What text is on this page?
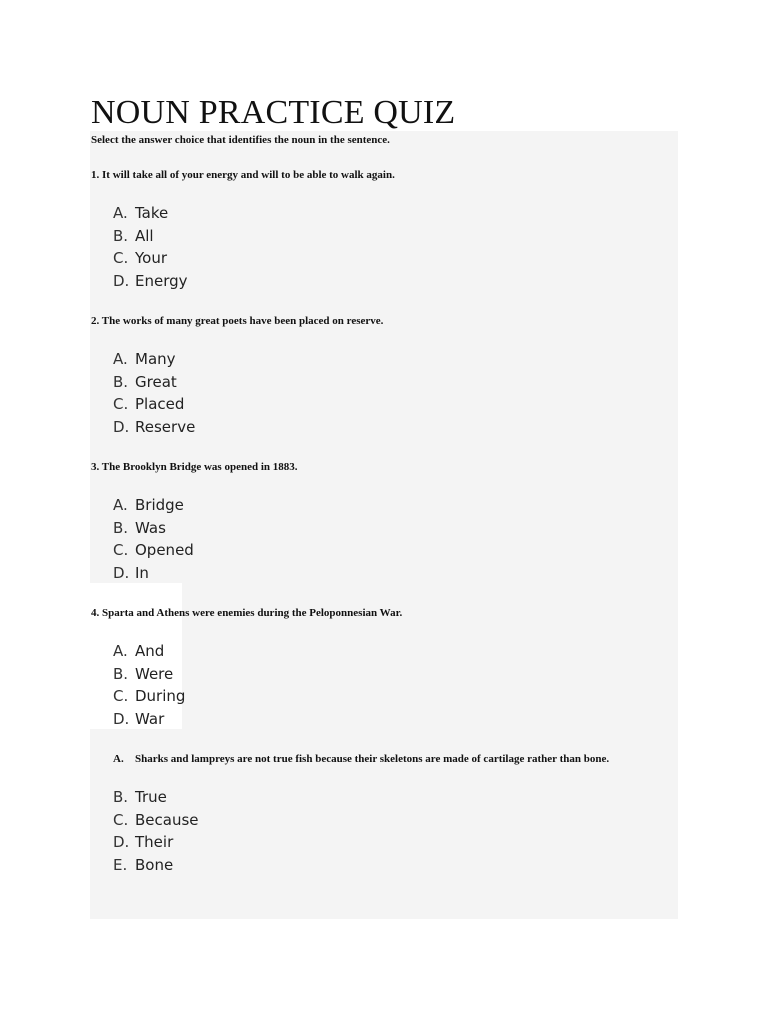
NOUN PRACTICE QUIZ

Select the answer choice that identifies the noun in the sentence.

1. It will take all of your energy and will to be able to walk again.

A. Take
B. All
C. Your
D. Energy

2. The works of many great poets have been placed on reserve.

A. Many
B. Great
C. Placed
D. Reserve

3. The Brooklyn Bridge was opened in 1883.

A. Bridge
B. Was
C. Opened
D. In

4. Sparta and Athens were enemies during the Peloponnesian War.

A. And
B. Were
C. During
D. War

A. Sharks and lampreys are not true fish because their skeletons are made of cartilage rather than bone.

B. True
C. Because
D. Their
E. Bone
